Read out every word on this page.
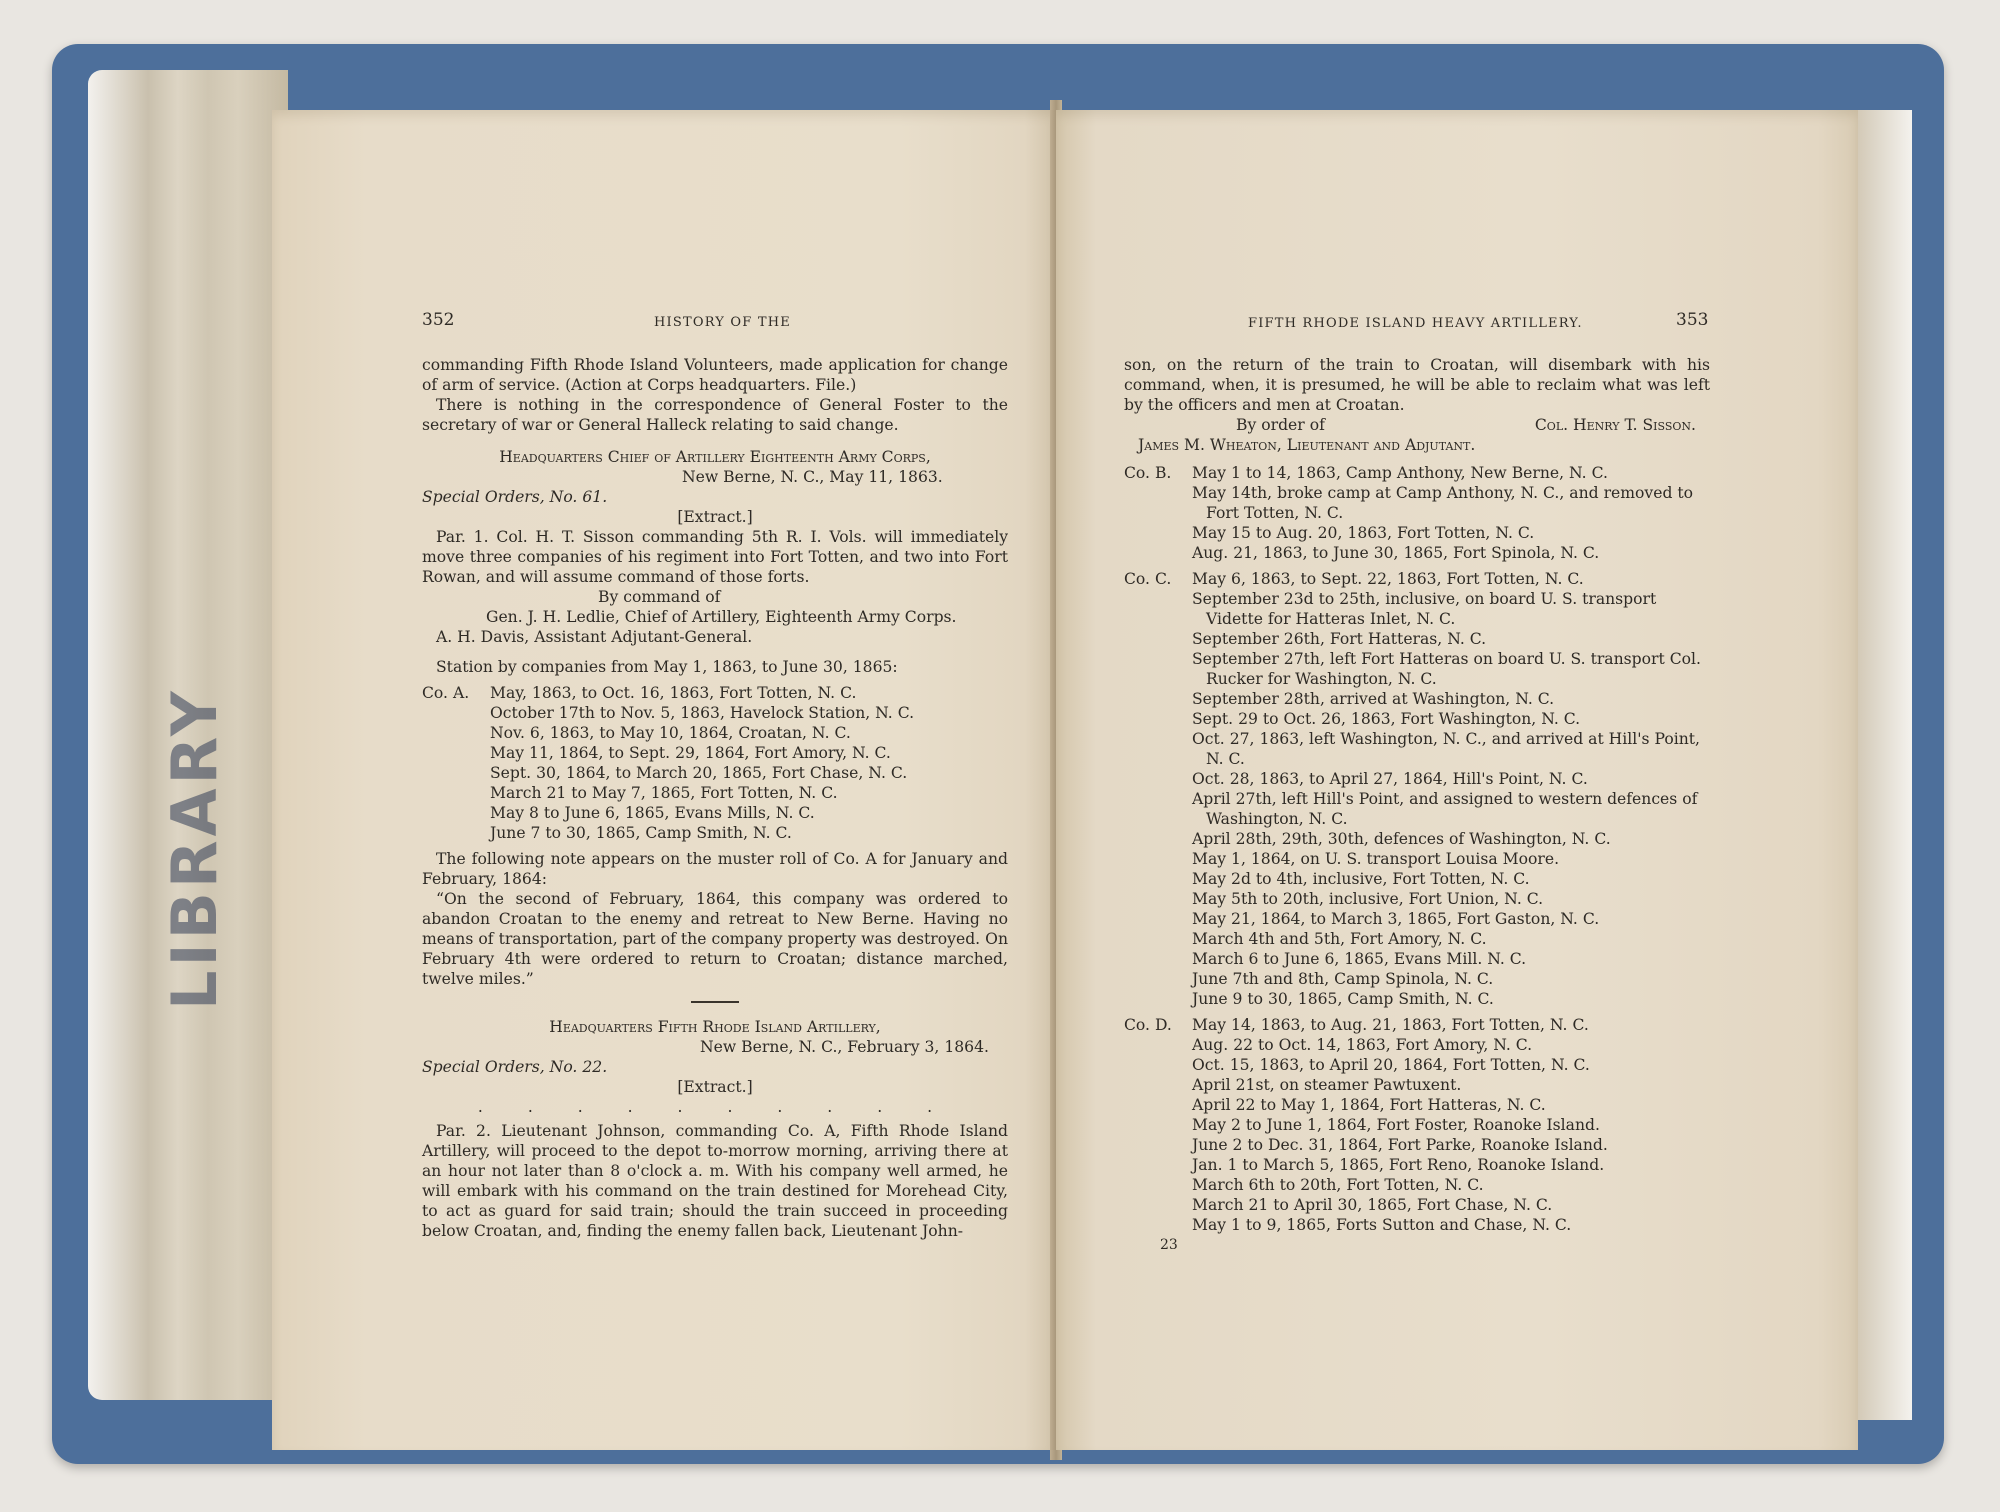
352	HISTORY OF THE

commanding Fifth Rhode Island Volunteers, made application for change of arm of service. (Action at Corps headquarters. File.)

There is nothing in the correspondence of General Foster to the secretary of war or General Halleck relating to said change.

Headquarters Chief of Artillery Eighteenth Army Corps,

New Berne, N. C., May 11, 1863.

Special Orders, No. 61.

[Extract.]

Par. 1. Col. H. T. Sisson commanding 5th R. I. Vols. will immediately move three companies of his regiment into Fort Totten, and two into Fort Rowan, and will assume command of those forts.

By command of

Gen. J. H. Ledlie, Chief of Artillery, Eighteenth Army Corps.

A. H. Davis, Assistant Adjutant-General.

Station by companies from May 1, 1863, to June 30, 1865:

Co. A.	May, 1863, to Oct. 16, 1863, Fort Totten, N. C.

October 17th to Nov. 5, 1863, Havelock Station, N. C.

Nov. 6, 1863, to May 10, 1864, Croatan, N. C.

May 11, 1864, to Sept. 29, 1864, Fort Amory, N. C.

Sept. 30, 1864, to March 20, 1865, Fort Chase, N. C.

March 21 to May 7, 1865, Fort Totten, N. C.

May 8 to June 6, 1865, Evans Mills, N. C.

June 7 to 30, 1865, Camp Smith, N. C.

The following note appears on the muster roll of Co. A for January and February, 1864:

“On the second of February, 1864, this company was ordered to abandon Croatan to the enemy and retreat to New Berne. Having no means of transportation, part of the company property was destroyed. On February 4th were ordered to return to Croatan; distance marched, twelve miles.”

Headquarters Fifth Rhode Island Artillery,

New Berne, N. C., February 3, 1864.

Special Orders, No. 22.

[Extract.]

. . . . . . . . . .

Par. 2. Lieutenant Johnson, commanding Co. A, Fifth Rhode Island Artillery, will proceed to the depot to-morrow morning, arriving there at an hour not later than 8 o'clock a. m. With his company well armed, he will embark with his command on the train destined for Morehead City, to act as guard for said train; should the train succeed in proceeding below Croatan, and, finding the enemy fallen back, Lieutenant John-

FIFTH RHODE ISLAND HEAVY ARTILLERY.	353

son, on the return of the train to Croatan, will disembark with his command, when, it is presumed, he will be able to reclaim what was left by the officers and men at Croatan.

By order of	Col. Henry T. Sisson.

James M. Wheaton, Lieutenant and Adjutant.

Co. B.	May 1 to 14, 1863, Camp Anthony, New Berne, N. C.

May 14th, broke camp at Camp Anthony, N. C., and removed to Fort Totten, N. C.

May 15 to Aug. 20, 1863, Fort Totten, N. C.

Aug. 21, 1863, to June 30, 1865, Fort Spinola, N. C.

Co. C.	May 6, 1863, to Sept. 22, 1863, Fort Totten, N. C.

September 23d to 25th, inclusive, on board U. S. transport Vidette for Hatteras Inlet, N. C.

September 26th, Fort Hatteras, N. C.

September 27th, left Fort Hatteras on board U. S. transport Col. Rucker for Washington, N. C.

September 28th, arrived at Washington, N. C.

Sept. 29 to Oct. 26, 1863, Fort Washington, N. C.

Oct. 27, 1863, left Washington, N. C., and arrived at Hill's Point, N. C.

Oct. 28, 1863, to April 27, 1864, Hill's Point, N. C.

April 27th, left Hill's Point, and assigned to western defences of Washington, N. C.

April 28th, 29th, 30th, defences of Washington, N. C.

May 1, 1864, on U. S. transport Louisa Moore.

May 2d to 4th, inclusive, Fort Totten, N. C.

May 5th to 20th, inclusive, Fort Union, N. C.

May 21, 1864, to March 3, 1865, Fort Gaston, N. C.

March 4th and 5th, Fort Amory, N. C.

March 6 to June 6, 1865, Evans Mill. N. C.

June 7th and 8th, Camp Spinola, N. C.

June 9 to 30, 1865, Camp Smith, N. C.

Co. D.	May 14, 1863, to Aug. 21, 1863, Fort Totten, N. C.

Aug. 22 to Oct. 14, 1863, Fort Amory, N. C.

Oct. 15, 1863, to April 20, 1864, Fort Totten, N. C.

April 21st, on steamer Pawtuxent.

April 22 to May 1, 1864, Fort Hatteras, N. C.

May 2 to June 1, 1864, Fort Foster, Roanoke Island.

June 2 to Dec. 31, 1864, Fort Parke, Roanoke Island.

Jan. 1 to March 5, 1865, Fort Reno, Roanoke Island.

March 6th to 20th, Fort Totten, N. C.

March 21 to April 30, 1865, Fort Chase, N. C.

May 1 to 9, 1865, Forts Sutton and Chase, N. C.

23

LIBRARY
